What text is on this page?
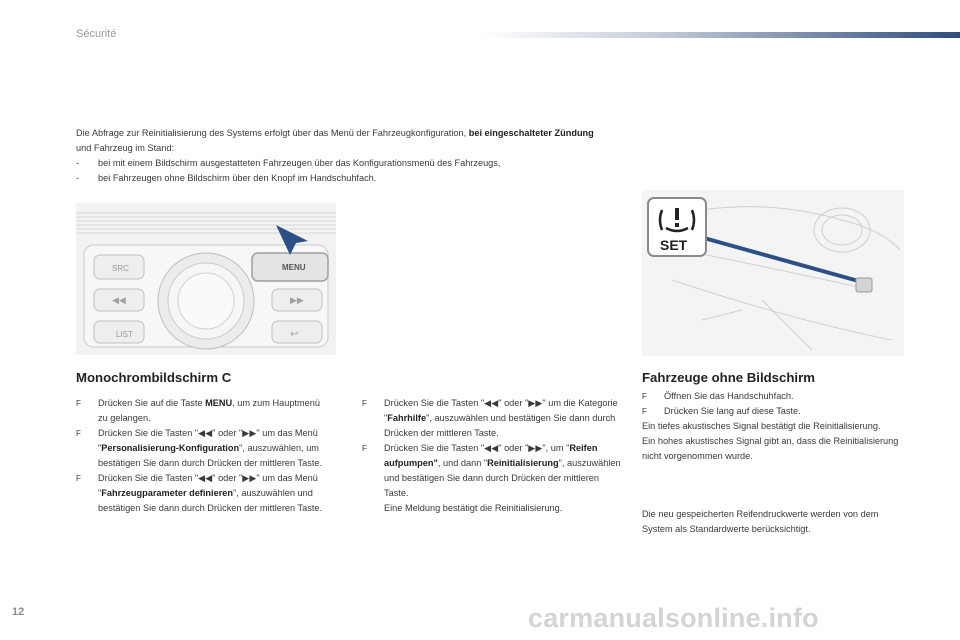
Sécurité
Die Abfrage zur Reinitialisierung des Systems erfolgt über das Menü der Fahrzeugkonfiguration, bei eingeschalteter Zündung und Fahrzeug im Stand:
- bei mit einem Bildschirm ausgestatteten Fahrzeugen über das Konfigurationsmenü des Fahrzeugs,
- bei Fahrzeugen ohne Bildschirm über den Knopf im Handschuhfach.
SRC	MENU
LIST
◀◀	▶▶
↩
SET
Monochrombildschirm C	Fahrzeuge ohne Bildschirm
F Drücken Sie auf die Taste MENU, um zum Hauptmenü zu gelangen.
F Drücken Sie die Tasten "◀◀" oder "▶▶" um das Menü "Personalisierung-Konfiguration", auszuwählen, um bestätigen Sie dann durch Drücken der mittleren Taste.
F Drücken Sie die Tasten "◀◀" oder "▶▶" um das Menü "Fahrzeugparameter definieren", auszuwählen und bestätigen Sie dann durch Drücken der mittleren Taste.
F Drücken Sie die Tasten "◀◀" oder "▶▶" um die Kategorie "Fahrhilfe", auszuwählen und bestätigen Sie dann durch Drücken der mittleren Taste.
F Drücken Sie die Tasten "◀◀" oder "▶▶", um "Reifen aufpumpen", und dann "Reinitialisierung", auszuwählen und bestätigen Sie dann durch Drücken der mittleren Taste.
Eine Meldung bestätigt die Reinitialisierung.
F Öffnen Sie das Handschuhfach.
F Drücken Sie lang auf diese Taste.
Ein tiefes akustisches Signal bestätigt die Reinitialisierung.
Ein hohes akustisches Signal gibt an, dass die Reinitialisierung nicht vorgenommen wurde.
Die neu gespeicherten Reifendruckwerte werden von dem System als Standardwerte berücksichtigt.
12	carmanualsonline.info
